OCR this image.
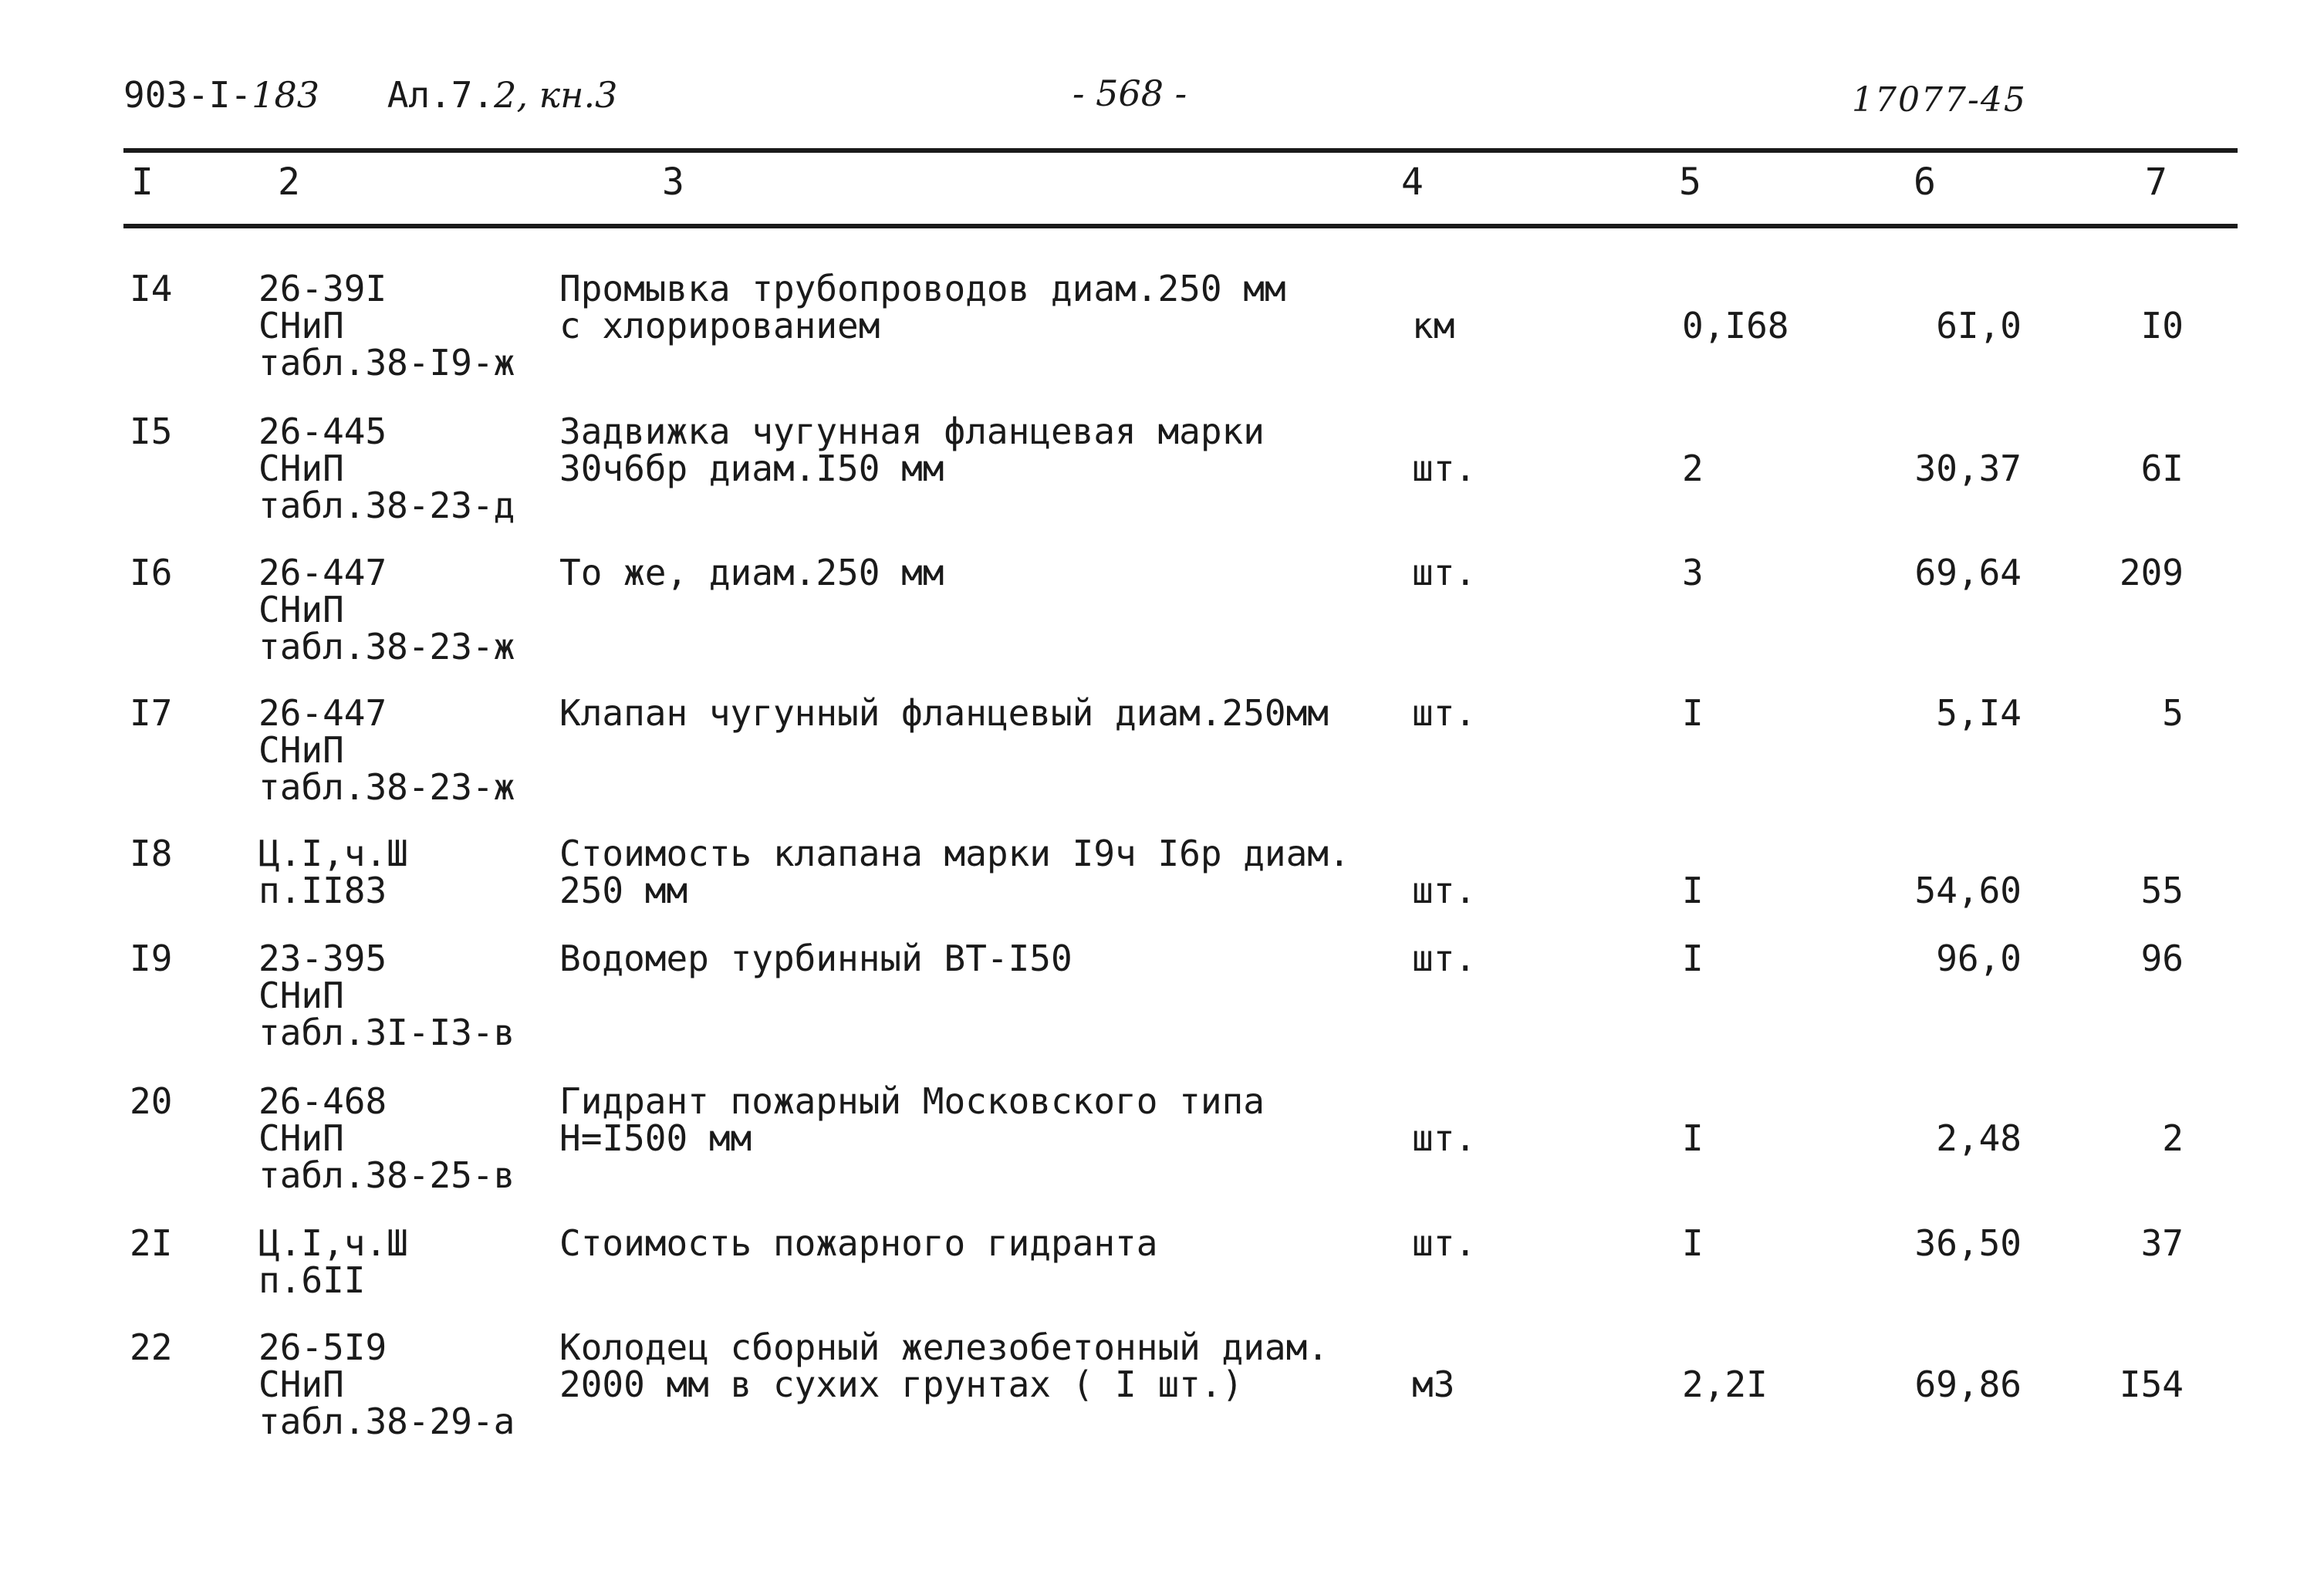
903-I-183 Ал.7.2, кн.3	- 568 -	17077-45
I	2	3	4	5	6	7
I4 26-39I
СНиП
табл.38-I9-ж
Промывка трубопроводов диам.250 мм
с хлорированием	км	0,I68	6I,0	I0
I5 26-445
СНиП
табл.38-23-д
Задвижка чугунная фланцевая марки
30ч6бр диам.I50 мм	шт.	2	30,37	6I
I6 26-447
СНиП
табл.38-23-ж
То же, диам.250 мм	шт.	3	69,64	209
I7 26-447
СНиП
табл.38-23-ж
Клапан чугунный фланцевый диам.250мм шт.	I	5,I4	5
I8 Ц.I,ч.Ш
п.II83
Стоимость клапана марки I9ч I6р диам.
250 мм	шт.	I	54,60	55
I9 23-395
СНиП
табл.3I-I3-в
Водомер турбинный ВТ-I50	шт.	I	96,0	96
20 26-468
СНиП
табл.38-25-в
Гидрант пожарный Московского типа
Н=I500 мм	шт.	I	2,48	2
2I Ц.I,ч.Ш
п.6II
Стоимость пожарного гидранта	шт.	I	36,50	37
22 26-5I9
СНиП
табл.38-29-а
Колодец сборный железобетонный диам.
2000 мм в сухих грунтах ( I шт.)	м3	2,2I	69,86	I54
